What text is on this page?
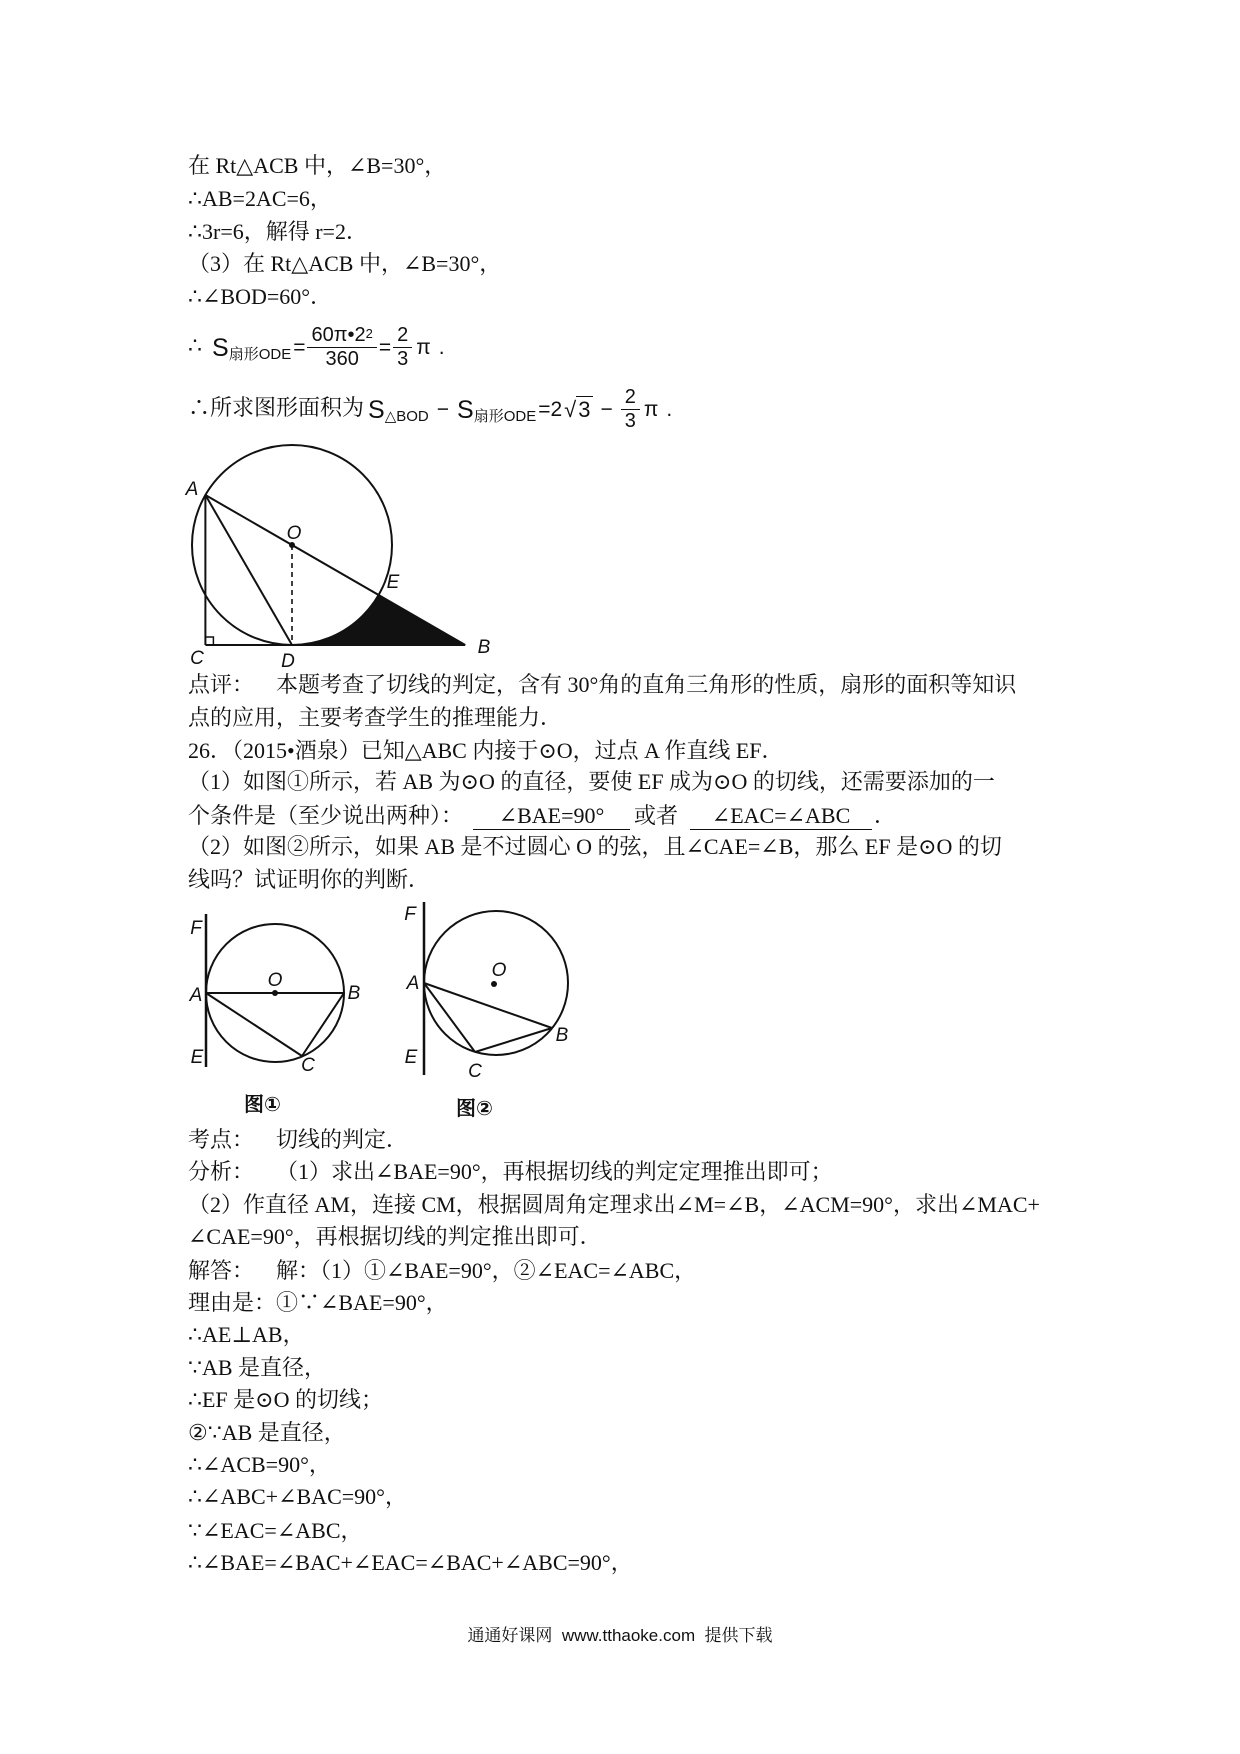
在 Rt△ACB 中，∠B=30°，
∴AB=2AC=6，
∴3r=6，解得 r=2．
（3）在 Rt△ACB 中，∠B=30°，
∴∠BOD=60°．
∴ S扇形$ODE= \frac{60\pi•2^2}{360} = \frac{2}{3}$ π .
∴所求图形面积为 S△BOD − S扇形$ODE=2√3 - \frac{2}{3}$ π .
A
O
E
C	D
B
点评： 本题考查了切线的判定，含有 30°角的直角三角形的性质，扇形的面积等知识
点的应用，主要考查学生的推理能力．
26．（2015•酒泉）已知△ABC 内接于⊙O，过点 A 作直线 EF．
（1）如图①所示，若 AB 为⊙O 的直径，要使 EF 成为⊙O 的切线，还需要添加的一
个条件是（至少说出两种）： ∠BAE=90° 或者 ∠EAC=∠ABC ．
（2）如图②所示，如果 AB 是不过圆心 O 的弦，且∠CAE=∠B，那么 EF 是⊙O 的切
线吗？试证明你的判断．
F
A
O
B
E	C
图①
F
A
O
B
E
C
图②
考点： 切线的判定．
分析： （1）求出∠BAE=90°，再根据切线的判定定理推出即可；
（2）作直径 AM，连接 CM，根据圆周角定理求出∠M=∠B，∠ACM=90°，求出∠MAC+
∠CAE=90°，再根据切线的判定推出即可．
解答： 解：（1）①∠BAE=90°，②∠EAC=∠ABC，
理由是：①∵∠BAE=90°，
∴AE⊥AB，
∵AB 是直径，
∴EF 是⊙O 的切线；
②∵AB 是直径，
∴∠ACB=90°，
∴∠ABC+∠BAC=90°，
∵∠EAC=∠ABC，
∴∠BAE=∠BAC+∠EAC=∠BAC+∠ABC=90°，
通通好课网  www.tthaoke.com  提供下载
